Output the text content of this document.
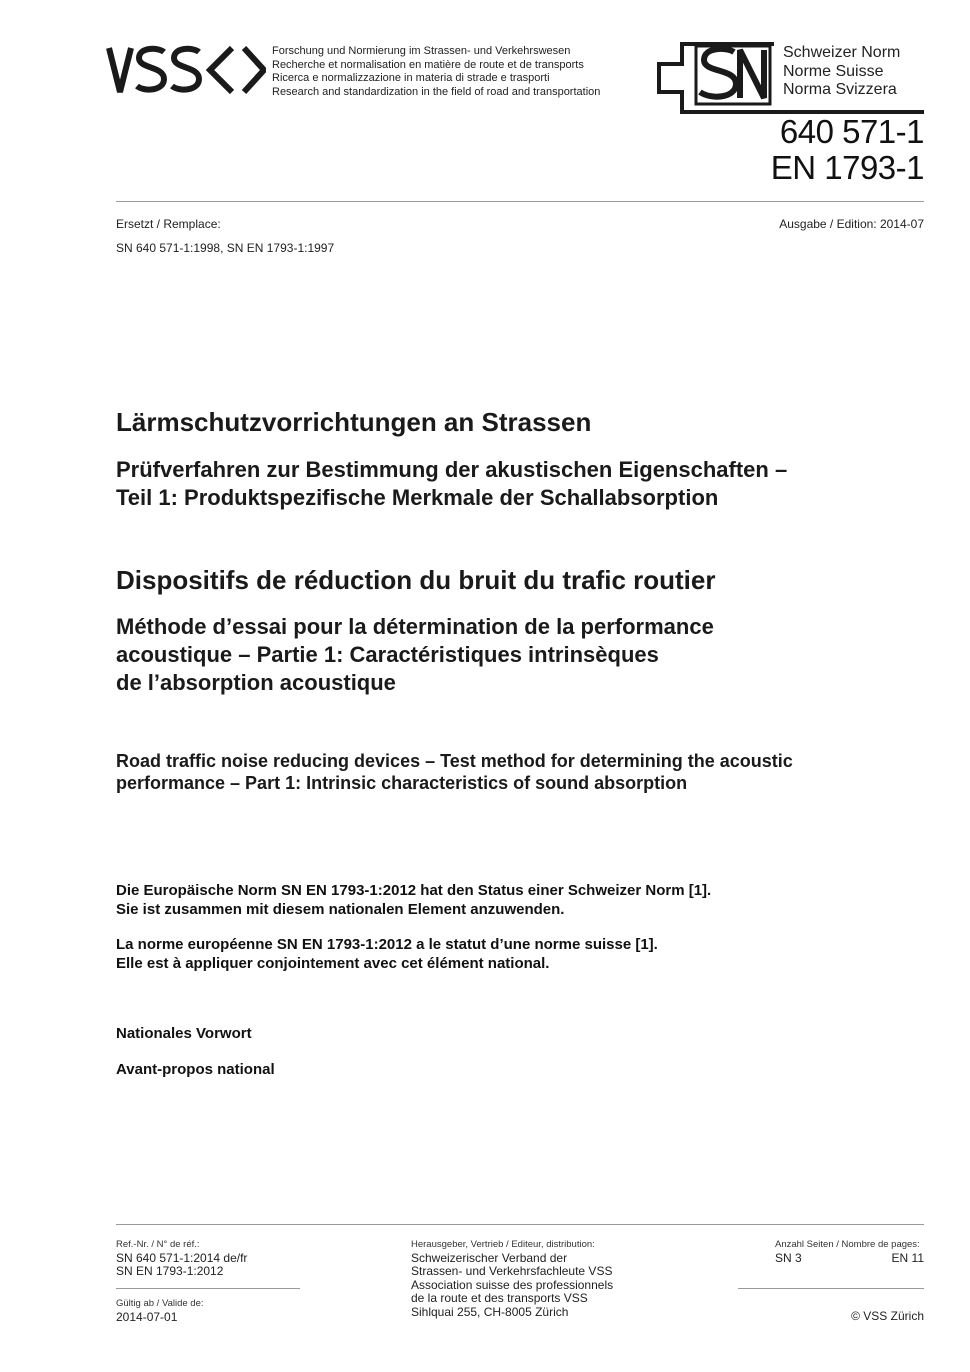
Forschung und Normierung im Strassen- und Verkehrswesen
Recherche et normalisation en matière de route et de transports
Ricerca e normalizzazione in materia di strade e trasporti
Research and standardization in the field of road and transportation
Schweizer Norm
Norme Suisse
Norma Svizzera
640 571-1
EN 1793-1
Ersetzt / Remplace:
SN 640 571-1:1998, SN EN 1793-1:1997
Ausgabe / Edition: 2014-07
Lärmschutzvorrichtungen an Strassen
Prüfverfahren zur Bestimmung der akustischen Eigenschaften –
Teil 1: Produktspezifische Merkmale der Schallabsorption
Dispositifs de réduction du bruit du trafic routier
Méthode d’essai pour la détermination de la performance
acoustique – Partie 1: Caractéristiques intrinsèques
de l’absorption acoustique
Road traffic noise reducing devices – Test method for determining the acoustic
performance – Part 1: Intrinsic characteristics of sound absorption
Die Europäische Norm SN EN 1793-1:2012 hat den Status einer Schweizer Norm [1].
Sie ist zusammen mit diesem nationalen Element anzuwenden.
La norme européenne SN EN 1793-1:2012 a le statut d’une norme suisse [1].
Elle est à appliquer conjointement avec cet élément national.
Nationales Vorwort
Avant-propos national
Ref.-Nr. / N° de réf.:
SN 640 571-1:2014 de/fr
SN EN 1793-1:2012
Gültig ab / Valide de:
2014-07-01
Herausgeber, Vertrieb / Editeur, distribution:
Schweizerischer Verband der
Strassen- und Verkehrsfachleute VSS
Association suisse des professionnels
de la route et des transports VSS
Sihlquai 255, CH-8005 Zürich
Anzahl Seiten / Nombre de pages:
SN 3	EN 11
© VSS Zürich
